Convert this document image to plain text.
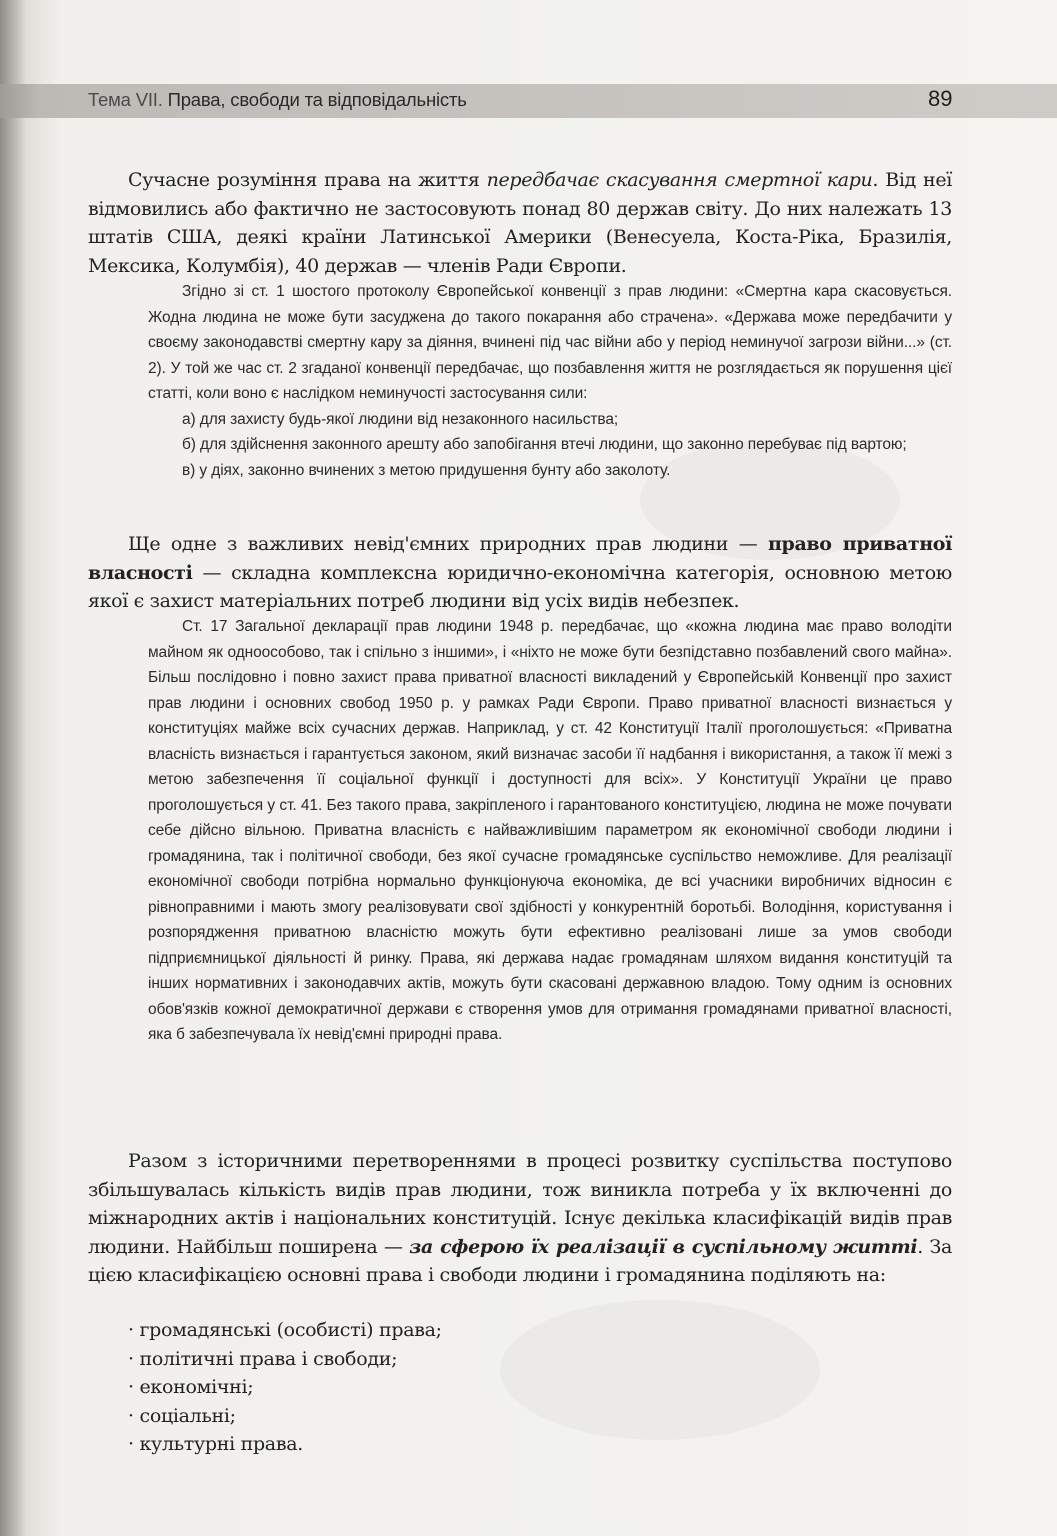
Тема VII. Права, свободи та відповідальність	89

Сучасне розуміння права на життя передбачає скасування смертної кари. Від неї відмовились або фактично не застосовують понад 80 держав світу. До них належать 13 штатів США, деякі країни Латинської Америки (Венесуела, Коста-Ріка, Бразилія, Мексика, Колумбія), 40 держав — членів Ради Європи.

Згідно зі ст. 1 шостого протоколу Європейської конвенції з прав людини: «Смертна кара скасовується. Жодна людина не може бути засуджена до такого покарання або страчена». «Держава може передбачити у своєму законодавстві смертну кару за діяння, вчинені під час війни або у період неминучої загрози війни...» (ст. 2). У той же час ст. 2 згаданої конвенції передбачає, що позбавлення життя не розглядається як порушення цієї статті, коли воно є наслідком неминучості застосування сили:

а) для захисту будь-якої людини від незаконного насильства;

б) для здійснення законного арешту або запобігання втечі людини, що законно перебуває під вартою;

в) у діях, законно вчинених з метою придушення бунту або заколоту.

Ще одне з важливих невід'ємних природних прав людини — право приватної власності — складна комплексна юридично-економічна категорія, основною метою якої є захист матеріальних потреб людини від усіх видів небезпек.

Ст. 17 Загальної декларації прав людини 1948 р. передбачає, що «кожна людина має право володіти майном як одноособово, так і спільно з іншими», і «ніхто не може бути безпідставно позбавлений свого майна». Більш послідовно і повно захист права приватної власності викладений у Європейській Конвенції про захист прав людини і основних свобод 1950 р. у рамках Ради Європи. Право приватної власності визнається у конституціях майже всіх сучасних держав. Наприклад, у ст. 42 Конституції Італії проголошується: «Приватна власність визнається і гарантується законом, який визначає засоби її надбання і використання, а також її межі з метою забезпечення її соціальної функції і доступності для всіх». У Конституції України це право проголошується у ст. 41. Без такого права, закріпленого і гарантованого конституцією, людина не може почувати себе дійсно вільною. Приватна власність є найважливішим параметром як економічної свободи людини і громадянина, так і політичної свободи, без якої сучасне громадянське суспільство неможливе. Для реалізації економічної свободи потрібна нормально функціонуюча економіка, де всі учасники виробничих відносин є рівноправними і мають змогу реалізовувати свої здібності у конкурентній боротьбі. Володіння, користування і розпорядження приватною власністю можуть бути ефективно реалізовані лише за умов свободи підприємницької діяльності й ринку. Права, які держава надає громадянам шляхом видання конституцій та інших нормативних і законодавчих актів, можуть бути скасовані державною владою. Тому одним із основних обов'язків кожної демократичної держави є створення умов для отримання громадянами приватної власності, яка б забезпечувала їх невід'ємні природні права.

Разом з історичними перетвореннями в процесі розвитку суспільства поступово збільшувалась кількість видів прав людини, тож виникла потреба у їх включенні до міжнародних актів і національних конституцій. Існує декілька класифікацій видів прав людини. Найбільш поширена — за сферою їх реалізації в суспільному житті. За цією класифікацією основні права і свободи людини і громадянина поділяють на:

· громадянські (особисті) права;
· політичні права і свободи;
· економічні;
· соціальні;
· культурні права.
